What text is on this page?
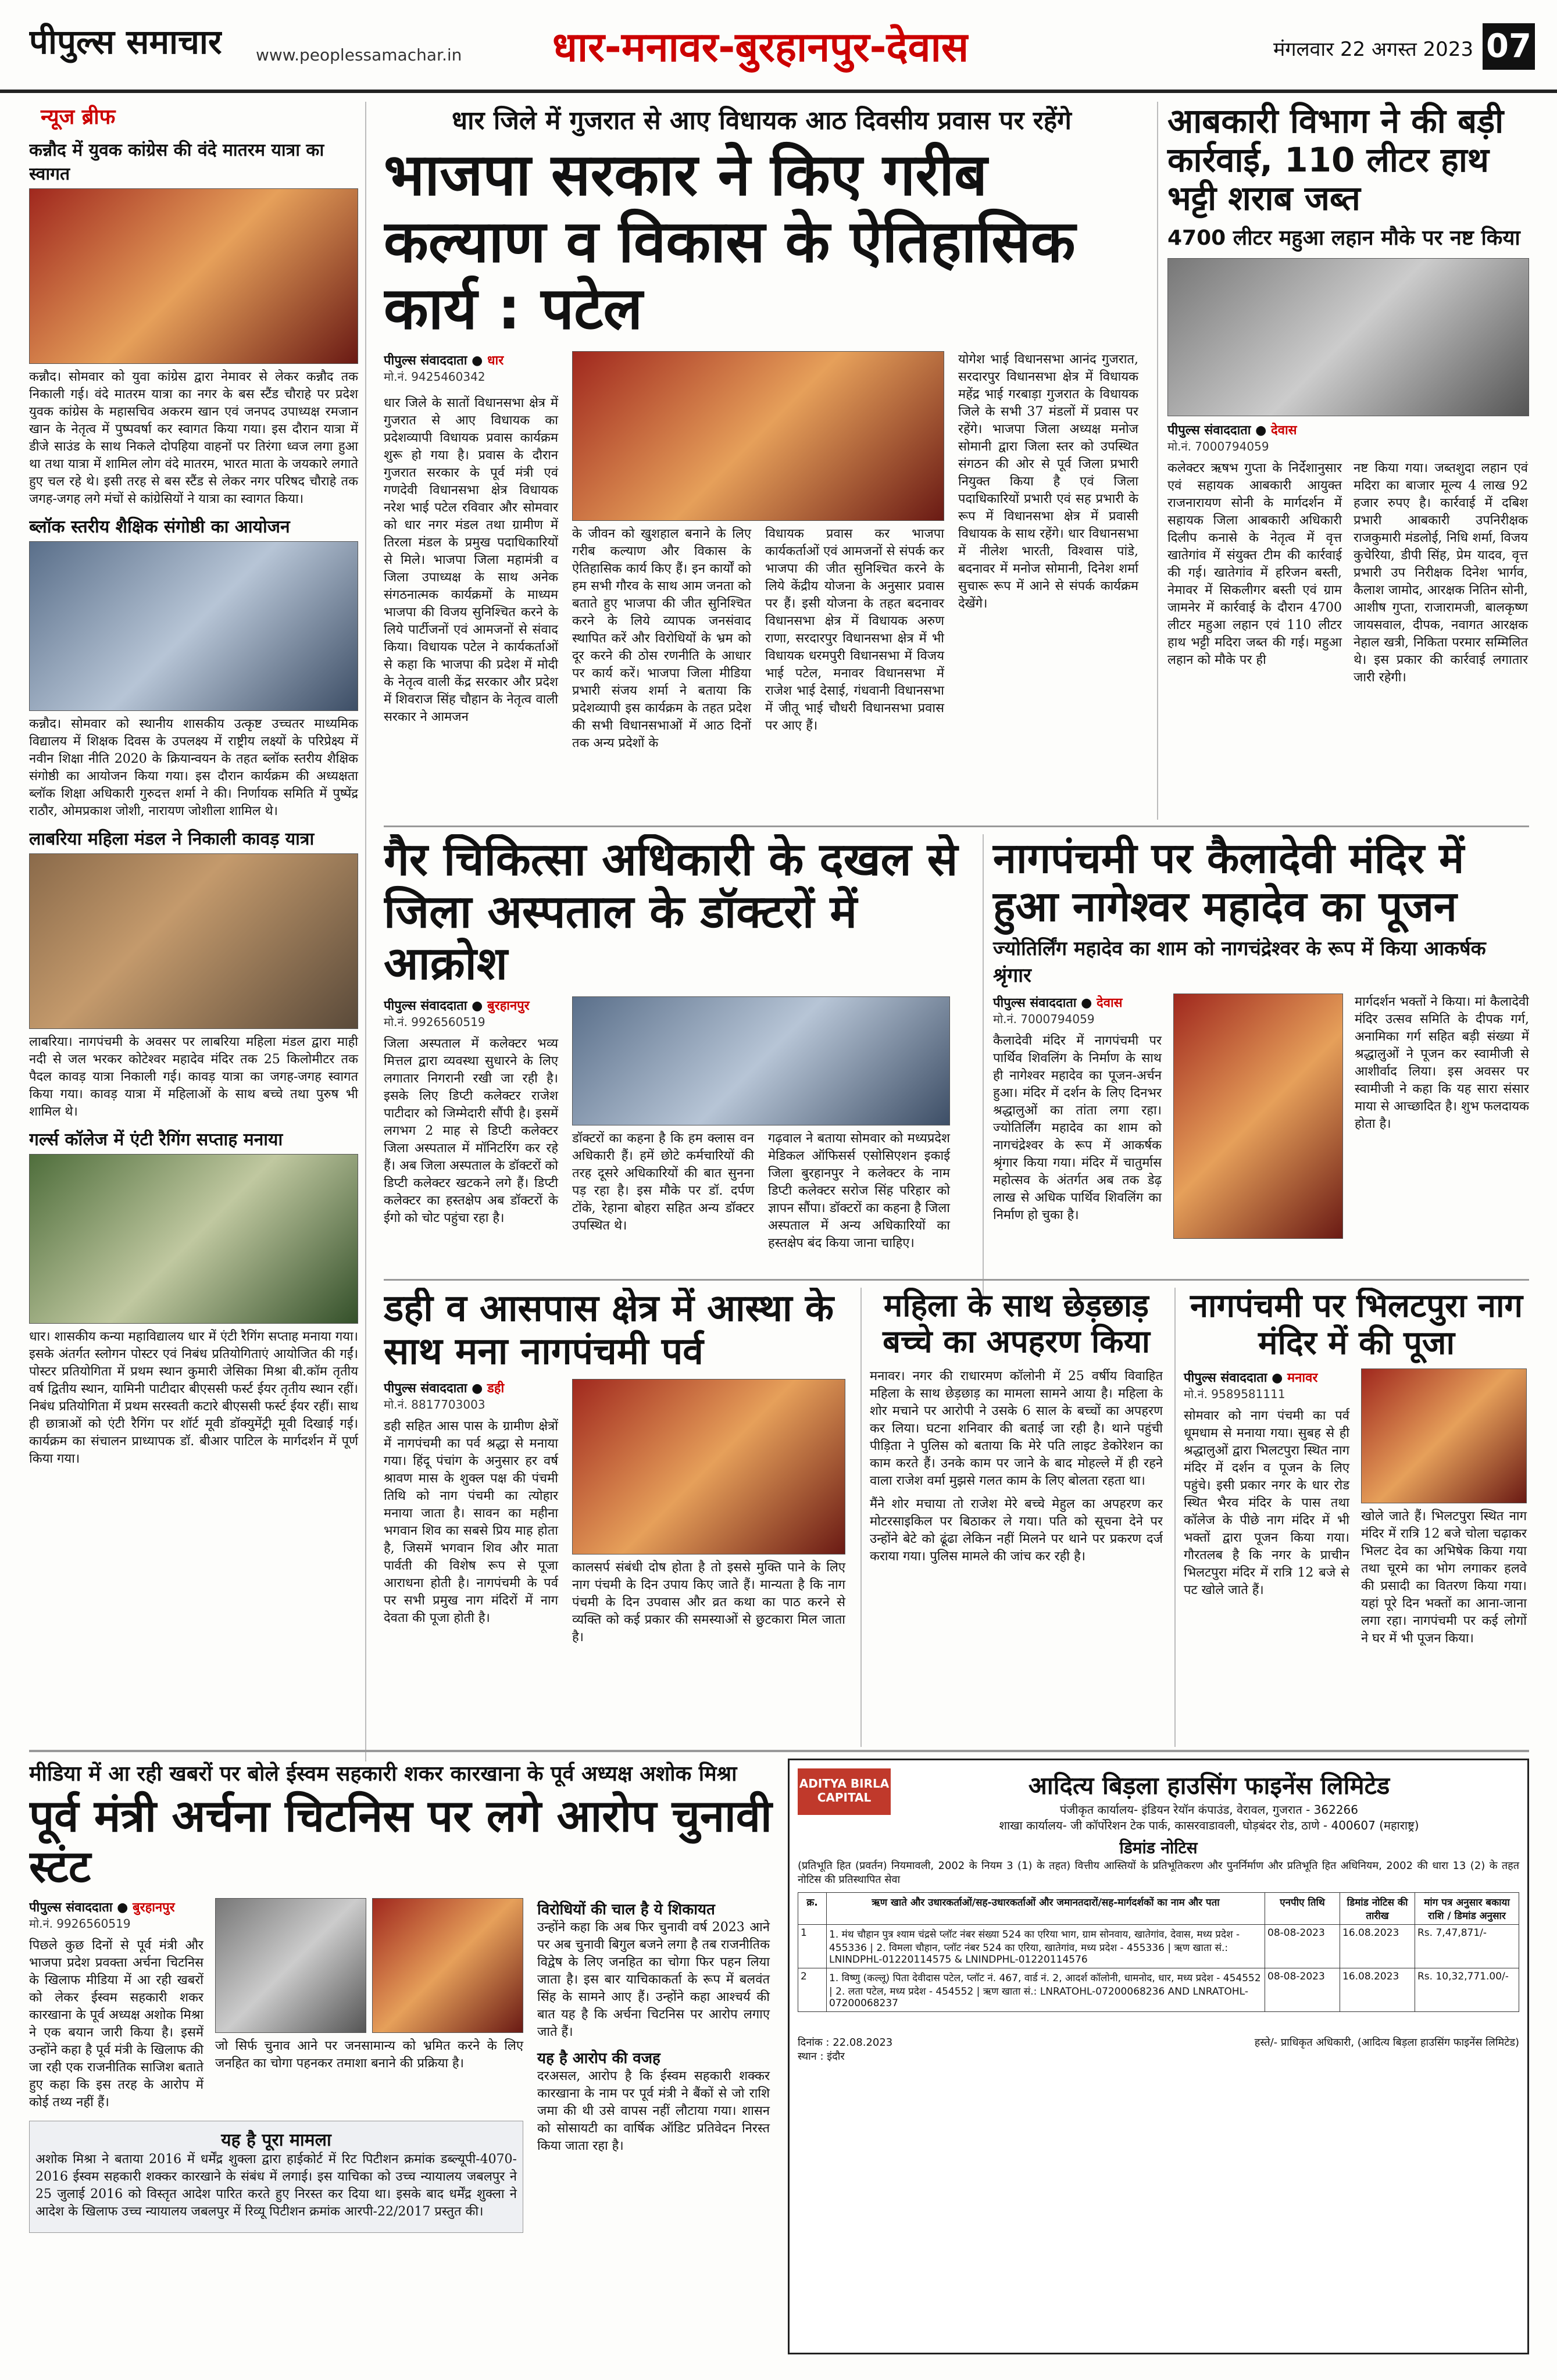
पीपुल्स समाचार www.peoplessamachar.in धार-मनावर-बुरहानपुर-देवास	मंगलवार 22 अगस्त 2023 07
न्यूज ब्रीफ
कन्नौद में युवक कांग्रेस की वंदे मातरम यात्रा का स्वागत

कन्नौद। सोमवार को युवा कांग्रेस द्वारा नेमावर से लेकर कन्नौद तक निकाली गई। वंदे मातरम यात्रा का नगर के बस स्टैंड चौराहे पर प्रदेश युवक कांग्रेस के महासचिव अकरम खान एवं जनपद उपाध्यक्ष रमजान खान के नेतृत्व में पुष्पवर्षा कर स्वागत किया गया। इस दौरान यात्रा में डीजे साउंड के साथ निकले दोपहिया वाहनों पर तिरंगा ध्वज लगा हुआ था तथा यात्रा में शामिल लोग वंदे मातरम, भारत माता के जयकारे लगाते हुए चल रहे थे। इसी तरह से बस स्टैंड से लेकर नगर परिषद चौराहे तक जगह-जगह लगे मंचों से कांग्रेसियों ने यात्रा का स्वागत किया।

ब्लॉक स्तरीय शैक्षिक संगोष्ठी का आयोजन

कन्नौद। सोमवार को स्थानीय शासकीय उत्कृष्ट उच्चतर माध्यमिक विद्यालय में शिक्षक दिवस के उपलक्ष्य में राष्ट्रीय लक्ष्यों के परिप्रेक्ष्य में नवीन शिक्षा नीति 2020 के क्रियान्वयन के तहत ब्लॉक स्तरीय शैक्षिक संगोष्ठी का आयोजन किया गया। इस दौरान कार्यक्रम की अध्यक्षता ब्लॉक शिक्षा अधिकारी गुरुदत्त शर्मा ने की। निर्णायक समिति में पुष्पेंद्र राठौर, ओमप्रकाश जोशी, नारायण जोशीला शामिल थे।

लाबरिया महिला मंडल ने निकाली कावड़ यात्रा

लाबरिया। नागपंचमी के अवसर पर लाबरिया महिला मंडल द्वारा माही नदी से जल भरकर कोटेश्वर महादेव मंदिर तक 25 किलोमीटर तक पैदल कावड़ यात्रा निकाली गई। कावड़ यात्रा का जगह-जगह स्वागत किया गया। कावड़ यात्रा में महिलाओं के साथ बच्चे तथा पुरुष भी शामिल थे।

गर्ल्स कॉलेज में एंटी रैगिंग सप्ताह मनाया

धार। शासकीय कन्या महाविद्यालय धार में एंटी रैगिंग सप्ताह मनाया गया। इसके अंतर्गत स्लोगन पोस्टर एवं निबंध प्रतियोगिताएं आयोजित की गईं। पोस्टर प्रतियोगिता में प्रथम स्थान कुमारी जेसिका मिश्रा बी.कॉम तृतीय वर्ष द्वितीय स्थान, यामिनी पाटीदार बीएससी फर्स्ट ईयर तृतीय स्थान रहीं। निबंध प्रतियोगिता में प्रथम सरस्वती कटारे बीएससी फर्स्ट ईयर रहीं। साथ ही छात्राओं को एंटी रैगिंग पर शॉर्ट मूवी डॉक्युमेंट्री मूवी दिखाई गई। कार्यक्रम का संचालन प्राध्यापक डॉ. बीआर पाटिल के मार्गदर्शन में पूर्ण किया गया।

धार जिले में गुजरात से आए विधायक आठ दिवसीय प्रवास पर रहेंगे
भाजपा सरकार ने किए गरीब कल्याण व विकास के ऐतिहासिक कार्य : पटेल
पीपुल्स संवाददाता ● धार
मो.नं. 9425460342

धार जिले के सातों विधानसभा क्षेत्र में गुजरात से आए विधायक का प्रदेशव्यापी विधायक प्रवास कार्यक्रम शुरू हो गया है। प्रवास के दौरान गुजरात सरकार के पूर्व मंत्री एवं गणदेवी विधानसभा क्षेत्र विधायक नरेश भाई पटेल रविवार और सोमवार को धार नगर मंडल तथा ग्रामीण में तिरला मंडल के प्रमुख पदाधिकारियों से मिले। भाजपा जिला महामंत्री व जिला उपाध्यक्ष के साथ अनेक संगठनात्मक कार्यक्रमों के माध्यम भाजपा की विजय सुनिश्चित करने के लिये पार्टीजनों एवं आमजनों से संवाद किया। विधायक पटेल ने कार्यकर्ताओं से कहा कि भाजपा की प्रदेश में मोदी के नेतृत्व वाली केंद्र सरकार और प्रदेश में शिवराज सिंह चौहान के नेतृत्व वाली सरकार ने आमजन

के जीवन को खुशहाल बनाने के लिए गरीब कल्याण और विकास के ऐतिहासिक कार्य किए हैं। इन कार्यों को हम सभी गौरव के साथ आम जनता को बताते हुए भाजपा की जीत सुनिश्चित करने के लिये व्यापक जनसंवाद स्थापित करें और विरोधियों के भ्रम को दूर करने की ठोस रणनीति के आधार पर कार्य करें। भाजपा जिला मीडिया प्रभारी संजय शर्मा ने बताया कि प्रदेशव्यापी इस कार्यक्रम के तहत प्रदेश की सभी विधानसभाओं में आठ दिनों तक अन्य प्रदेशों के

विधायक प्रवास कर भाजपा कार्यकर्ताओं एवं आमजनों से संपर्क कर भाजपा की जीत सुनिश्चित करने के लिये केंद्रीय योजना के अनुसार प्रवास पर हैं। इसी योजना के तहत बदनावर विधानसभा क्षेत्र में विधायक अरुण राणा, सरदारपुर विधानसभा क्षेत्र में भी विधायक धरमपुरी विधानसभा में विजय भाई पटेल, मनावर विधानसभा में राजेश भाई देसाई, गंधवानी विधानसभा में जीतू भाई चौधरी विधानसभा प्रवास पर आए हैं।

योगेश भाई विधानसभा आनंद गुजरात, सरदारपुर विधानसभा क्षेत्र में विधायक महेंद्र भाई गरबाड़ा गुजरात के विधायक जिले के सभी 37 मंडलों में प्रवास पर रहेंगे। भाजपा जिला अध्यक्ष मनोज सोमानी द्वारा जिला स्तर को उपस्थित संगठन की ओर से पूर्व जिला प्रभारी नियुक्त किया है एवं जिला पदाधिकारियों प्रभारी एवं सह प्रभारी के रूप में विधानसभा क्षेत्र में प्रवासी विधायक के साथ रहेंगे। धार विधानसभा में नीलेश भारती, विश्वास पांडे, बदनावर में मनोज सोमानी, दिनेश शर्मा सुचारू रूप में आने से संपर्क कार्यक्रम देखेंगे।

आबकारी विभाग ने की बड़ी कार्रवाई, 110 लीटर हाथ भट्टी शराब जब्त
4700 लीटर महुआ लहान मौके पर नष्ट किया
पीपुल्स संवाददाता ● देवास
मो.नं. 7000794059

कलेक्टर ऋषभ गुप्ता के निर्देशानुसार एवं सहायक आबकारी आयुक्त राजनारायण सोनी के मार्गदर्शन में सहायक जिला आबकारी अधिकारी दिलीप कनासे के नेतृत्व में वृत्त खातेगांव में संयुक्त टीम की कार्रवाई की गई। खातेगांव में हरिजन बस्ती, नेमावर में सिकलीगर बस्ती एवं ग्राम जामनेर में कार्रवाई के दौरान 4700 लीटर महुआ लहान एवं 110 लीटर हाथ भट्टी मदिरा जब्त की गई। महुआ लहान को मौके पर ही

नष्ट किया गया। जब्तशुदा लहान एवं मदिरा का बाजार मूल्य 4 लाख 92 हजार रुपए है। कार्रवाई में दबिश प्रभारी आबकारी उपनिरीक्षक राजकुमारी मंडलोई, निधि शर्मा, विजय कुचेरिया, डीपी सिंह, प्रेम यादव, वृत्त प्रभारी उप निरीक्षक दिनेश भार्गव, कैलाश जामोद, आरक्षक नितिन सोनी, आशीष गुप्ता, राजारामजी, बालकृष्ण जायसवाल, दीपक, नवागत आरक्षक नेहाल खत्री, निकिता परमार सम्मिलित थे। इस प्रकार की कार्रवाई लगातार जारी रहेगी।

गैर चिकित्सा अधिकारी के दखल से जिला अस्पताल के डॉक्टरों में आक्रोश
पीपुल्स संवाददाता ● बुरहानपुर
मो.नं. 9926560519

जिला अस्पताल में कलेक्टर भव्य मित्तल द्वारा व्यवस्था सुधारने के लिए लगातार निगरानी रखी जा रही है। इसके लिए डिप्टी कलेक्टर राजेश पाटीदार को जिम्मेदारी सौंपी है। इसमें लगभग 2 माह से डिप्टी कलेक्टर जिला अस्पताल में मॉनिटरिंग कर रहे हैं। अब जिला अस्पताल के डॉक्टरों को डिप्टी कलेक्टर खटकने लगे हैं। डिप्टी कलेक्टर का हस्तक्षेप अब डॉक्टरों के ईगो को चोट पहुंचा रहा है।

डॉक्टरों का कहना है कि हम क्लास वन अधिकारी हैं। हमें छोटे कर्मचारियों की तरह दूसरे अधिकारियों की बात सुनना पड़ रहा है। इस मौके पर डॉ. दर्पण टोंके, रेहाना बोहरा सहित अन्य डॉक्टर उपस्थित थे।

गढ़वाल ने बताया सोमवार को मध्यप्रदेश मेडिकल ऑफिसर्स एसोसिएशन इकाई जिला बुरहानपुर ने कलेक्टर के नाम डिप्टी कलेक्टर सरोज सिंह परिहार को ज्ञापन सौंपा। डॉक्टरों का कहना है जिला अस्पताल में अन्य अधिकारियों का हस्तक्षेप बंद किया जाना चाहिए।

नागपंचमी पर कैलादेवी मंदिर में हुआ नागेश्वर महादेव का पूजन
ज्योतिर्लिंग महादेव का शाम को नागचंद्रेश्वर के रूप में किया आकर्षक श्रृंगार
पीपुल्स संवाददाता ● देवास
मो.नं. 7000794059

कैलादेवी मंदिर में नागपंचमी पर पार्थिव शिवलिंग के निर्माण के साथ ही नागेश्वर महादेव का पूजन-अर्चन हुआ। मंदिर में दर्शन के लिए दिनभर श्रद्धालुओं का तांता लगा रहा। ज्योतिर्लिंग महादेव का शाम को नागचंद्रेश्वर के रूप में आकर्षक श्रृंगार किया गया। मंदिर में चातुर्मास महोत्सव के अंतर्गत अब तक डेढ़ लाख से अधिक पार्थिव शिवलिंग का निर्माण हो चुका है।

मार्गदर्शन भक्तों ने किया। मां कैलादेवी मंदिर उत्सव समिति के दीपक गर्ग, अनामिका गर्ग सहित बड़ी संख्या में श्रद्धालुओं ने पूजन कर स्वामीजी से आशीर्वाद लिया। इस अवसर पर स्वामीजी ने कहा कि यह सारा संसार माया से आच्छादित है। शुभ फलदायक होता है।

डही व आसपास क्षेत्र में आस्था के साथ मना नागपंचमी पर्व
पीपुल्स संवाददाता ● डही
मो.नं. 8817703003

डही सहित आस पास के ग्रामीण क्षेत्रों में नागपंचमी का पर्व श्रद्धा से मनाया गया। हिंदू पंचांग के अनुसार हर वर्ष श्रावण मास के शुक्ल पक्ष की पंचमी तिथि को नाग पंचमी का त्योहार मनाया जाता है। सावन का महीना भगवान शिव का सबसे प्रिय माह होता है, जिसमें भगवान शिव और माता पार्वती की विशेष रूप से पूजा आराधना होती है। नागपंचमी के पर्व पर सभी प्रमुख नाग मंदिरों में नाग देवता की पूजा होती है।

कालसर्प संबंधी दोष होता है तो इससे मुक्ति पाने के लिए नाग पंचमी के दिन उपाय किए जाते हैं। मान्यता है कि नाग पंचमी के दिन उपवास और व्रत कथा का पाठ करने से व्यक्ति को कई प्रकार की समस्याओं से छुटकारा मिल जाता है।

महिला के साथ छेड़छाड़ बच्चे का अपहरण किया

मनावर। नगर की राधारमण कॉलोनी में 25 वर्षीय विवाहित महिला के साथ छेड़छाड़ का मामला सामने आया है। महिला के शोर मचाने पर आरोपी ने उसके 6 साल के बच्चों का अपहरण कर लिया। घटना शनिवार की बताई जा रही है। थाने पहुंची पीड़िता ने पुलिस को बताया कि मेरे पति लाइट डेकोरेशन का काम करते हैं। उनके काम पर जाने के बाद मोहल्ले में ही रहने वाला राजेश वर्मा मुझसे गलत काम के लिए बोलता रहता था।

मैंने शोर मचाया तो राजेश मेरे बच्चे मेहुल का अपहरण कर मोटरसाइकिल पर बिठाकर ले गया। पति को सूचना देने पर उन्होंने बेटे को ढूंढा लेकिन नहीं मिलने पर थाने पर प्रकरण दर्ज कराया गया। पुलिस मामले की जांच कर रही है।

नागपंचमी पर भिलटपुरा नाग मंदिर में की पूजा
पीपुल्स संवाददाता ● मनावर
मो.नं. 9589581111

सोमवार को नाग पंचमी का पर्व धूमधाम से मनाया गया। सुबह से ही श्रद्धालुओं द्वारा भिलटपुरा स्थित नाग मंदिर में दर्शन व पूजन के लिए पहुंचे। इसी प्रकार नगर के धार रोड स्थित भैरव मंदिर के पास तथा कॉलेज के पीछे नाग मंदिर में भी भक्तों द्वारा पूजन किया गया। गौरतलब है कि नगर के प्राचीन भिलटपुरा मंदिर में रात्रि 12 बजे से पट खोले जाते हैं।

खोले जाते हैं। भिलटपुरा स्थित नाग मंदिर में रात्रि 12 बजे चोला चढ़ाकर भिलट देव का अभिषेक किया गया तथा चूरमे का भोग लगाकर हलवे की प्रसादी का वितरण किया गया। यहां पूरे दिन भक्तों का आना-जाना लगा रहा। नागपंचमी पर कई लोगों ने घर में भी पूजन किया।

मीडिया में आ रही खबरों पर बोले ईस्वम सहकारी शकर कारखाना के पूर्व अध्यक्ष अशोक मिश्रा
पूर्व मंत्री अर्चना चिटनिस पर लगे आरोप चुनावी स्टंट
पीपुल्स संवाददाता ● बुरहानपुर
मो.नं. 9926560519

पिछले कुछ दिनों से पूर्व मंत्री और भाजपा प्रदेश प्रवक्ता अर्चना चिटनिस के खिलाफ मीडिया में आ रही खबरों को लेकर ईस्वम सहकारी शकर कारखाना के पूर्व अध्यक्ष अशोक मिश्रा ने एक बयान जारी किया है। इसमें उन्होंने कहा है पूर्व मंत्री के खिलाफ की जा रही एक राजनीतिक साजिश बताते हुए कहा कि इस तरह के आरोप में कोई तथ्य नहीं हैं।

जो सिर्फ चुनाव आने पर जनसामान्य को भ्रमित करने के लिए जनहित का चोगा पहनकर तमाशा बनाने की प्रक्रिया है।

यह है पूरा मामला

अशोक मिश्रा ने बताया 2016 में धर्मेंद्र शुक्ला द्वारा हाईकोर्ट में रिट पिटीशन क्रमांक डब्ल्यूपी-4070-2016 ईस्वम सहकारी शक्कर कारखाने के संबंध में लगाई। इस याचिका को उच्च न्यायालय जबलपुर ने 25 जुलाई 2016 को विस्तृत आदेश पारित करते हुए निरस्त कर दिया था। इसके बाद धर्मेंद्र शुक्ला ने आदेश के खिलाफ उच्च न्यायालय जबलपुर में रिव्यू पिटीशन क्रमांक आरपी-22/2017 प्रस्तुत की।

विरोधियों की चाल है ये शिकायत

उन्होंने कहा कि अब फिर चुनावी वर्ष 2023 आने पर अब चुनावी बिगुल बजने लगा है तब राजनीतिक विद्वेष के लिए जनहित का चोगा फिर पहन लिया जाता है। इस बार याचिकाकर्ता के रूप में बलवंत सिंह के सामने आए हैं। उन्होंने कहा आश्चर्य की बात यह है कि अर्चना चिटनिस पर आरोप लगाए जाते हैं।

यह है आरोप की वजह

दरअसल, आरोप है कि ईस्वम सहकारी शक्कर कारखाना के नाम पर पूर्व मंत्री ने बैंकों से जो राशि जमा की थी उसे वापस नहीं लौटाया गया। शासन को सोसायटी का वार्षिक ऑडिट प्रतिवेदन निरस्त किया जाता रहा है।

ADITYA BIRLA CAPITAL	आदित्य बिड़ला हाउसिंग फाइनेंस लिमिटेड
पंजीकृत कार्यालय- इंडियन रेयॉन कंपाउंड, वेरावल, गुजरात - 362266
शाखा कार्यालय- जी कॉर्पोरेशन टेक पार्क, कासरवाडावली, घोड़बंदर रोड, ठाणे - 400607 (महाराष्ट्र)
डिमांड नोटिस
(प्रतिभूति हित (प्रवर्तन) नियमावली, 2002 के नियम 3 (1) के तहत) वित्तीय आस्तियों के प्रतिभूतिकरण और पुनर्निर्माण और प्रतिभूति हित अधिनियम, 2002 की धारा 13 (2) के तहत नोटिस की प्रतिस्थापित सेवा
क्र.	ऋण खाते और उधारकर्ताओं/सह-उधारकर्ताओं और जमानतदारों/सह-मार्गदर्शकों का नाम और पता	एनपीए तिथि	डिमांड नोटिस की तारीख	मांग पत्र अनुसार बकाया राशि / डिमांड अनुसार
1	1. मंथ चौहान पुत्र श्याम चंद्रसे प्लॉट नंबर संख्या 524 का एरिया भाग, ग्राम सोनवाय, खातेगांव, देवास, मध्य प्रदेश - 455336 | 2. विमला चौहान, प्लॉट नंबर 524 का एरिया, खातेगांव, मध्य प्रदेश - 455336 | ऋण खाता सं.: LNINDPHL-01220114575 & LNINDPHL-01220114576	08-08-2023	16.08.2023	Rs. 7,47,871/-
2	1. विष्णु (कल्लू) पिता देवीदास पटेल, प्लॉट नं. 467, वार्ड नं. 2, आदर्श कॉलोनी, धामनोद, धार, मध्य प्रदेश - 454552 | 2. लता पटेल, मध्य प्रदेश - 454552 | ऋण खाता सं.: LNRATOHL-07200068236 AND LNRATOHL-07200068237	08-08-2023	16.08.2023	Rs. 10,32,771.00/-
दिनांक : 22.08.2023
स्थान : इंदौर
हस्ते/- प्राधिकृत अधिकारी, (आदित्य बिड़ला हाउसिंग फाइनेंस लिमिटेड)
